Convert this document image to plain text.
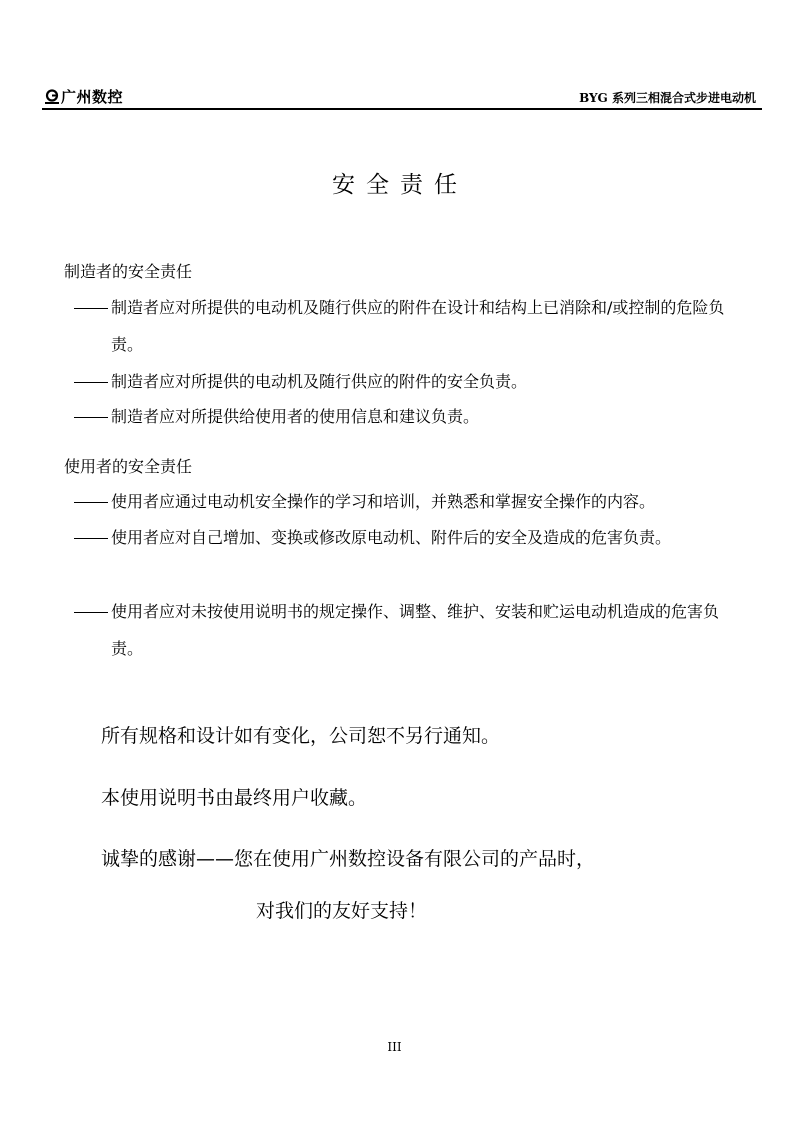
广州数控	BYG 系列三相混合式步进电动机
安全责任
制造者的安全责任
制造者应对所提供的电动机及随行供应的附件在设计和结构上已消除和/或控制的危险负责。
制造者应对所提供的电动机及随行供应的附件的安全负责。
制造者应对所提供给使用者的使用信息和建议负责。
使用者的安全责任
使用者应通过电动机安全操作的学习和培训，并熟悉和掌握安全操作的内容。
使用者应对自己增加、变换或修改原电动机、附件后的安全及造成的危害负责。
使用者应对未按使用说明书的规定操作、调整、维护、安装和贮运电动机造成的危害负责。
所有规格和设计如有变化，公司恕不另行通知。
本使用说明书由最终用户收藏。
诚挚的感谢——您在使用广州数控设备有限公司的产品时，
对我们的友好支持！
III
